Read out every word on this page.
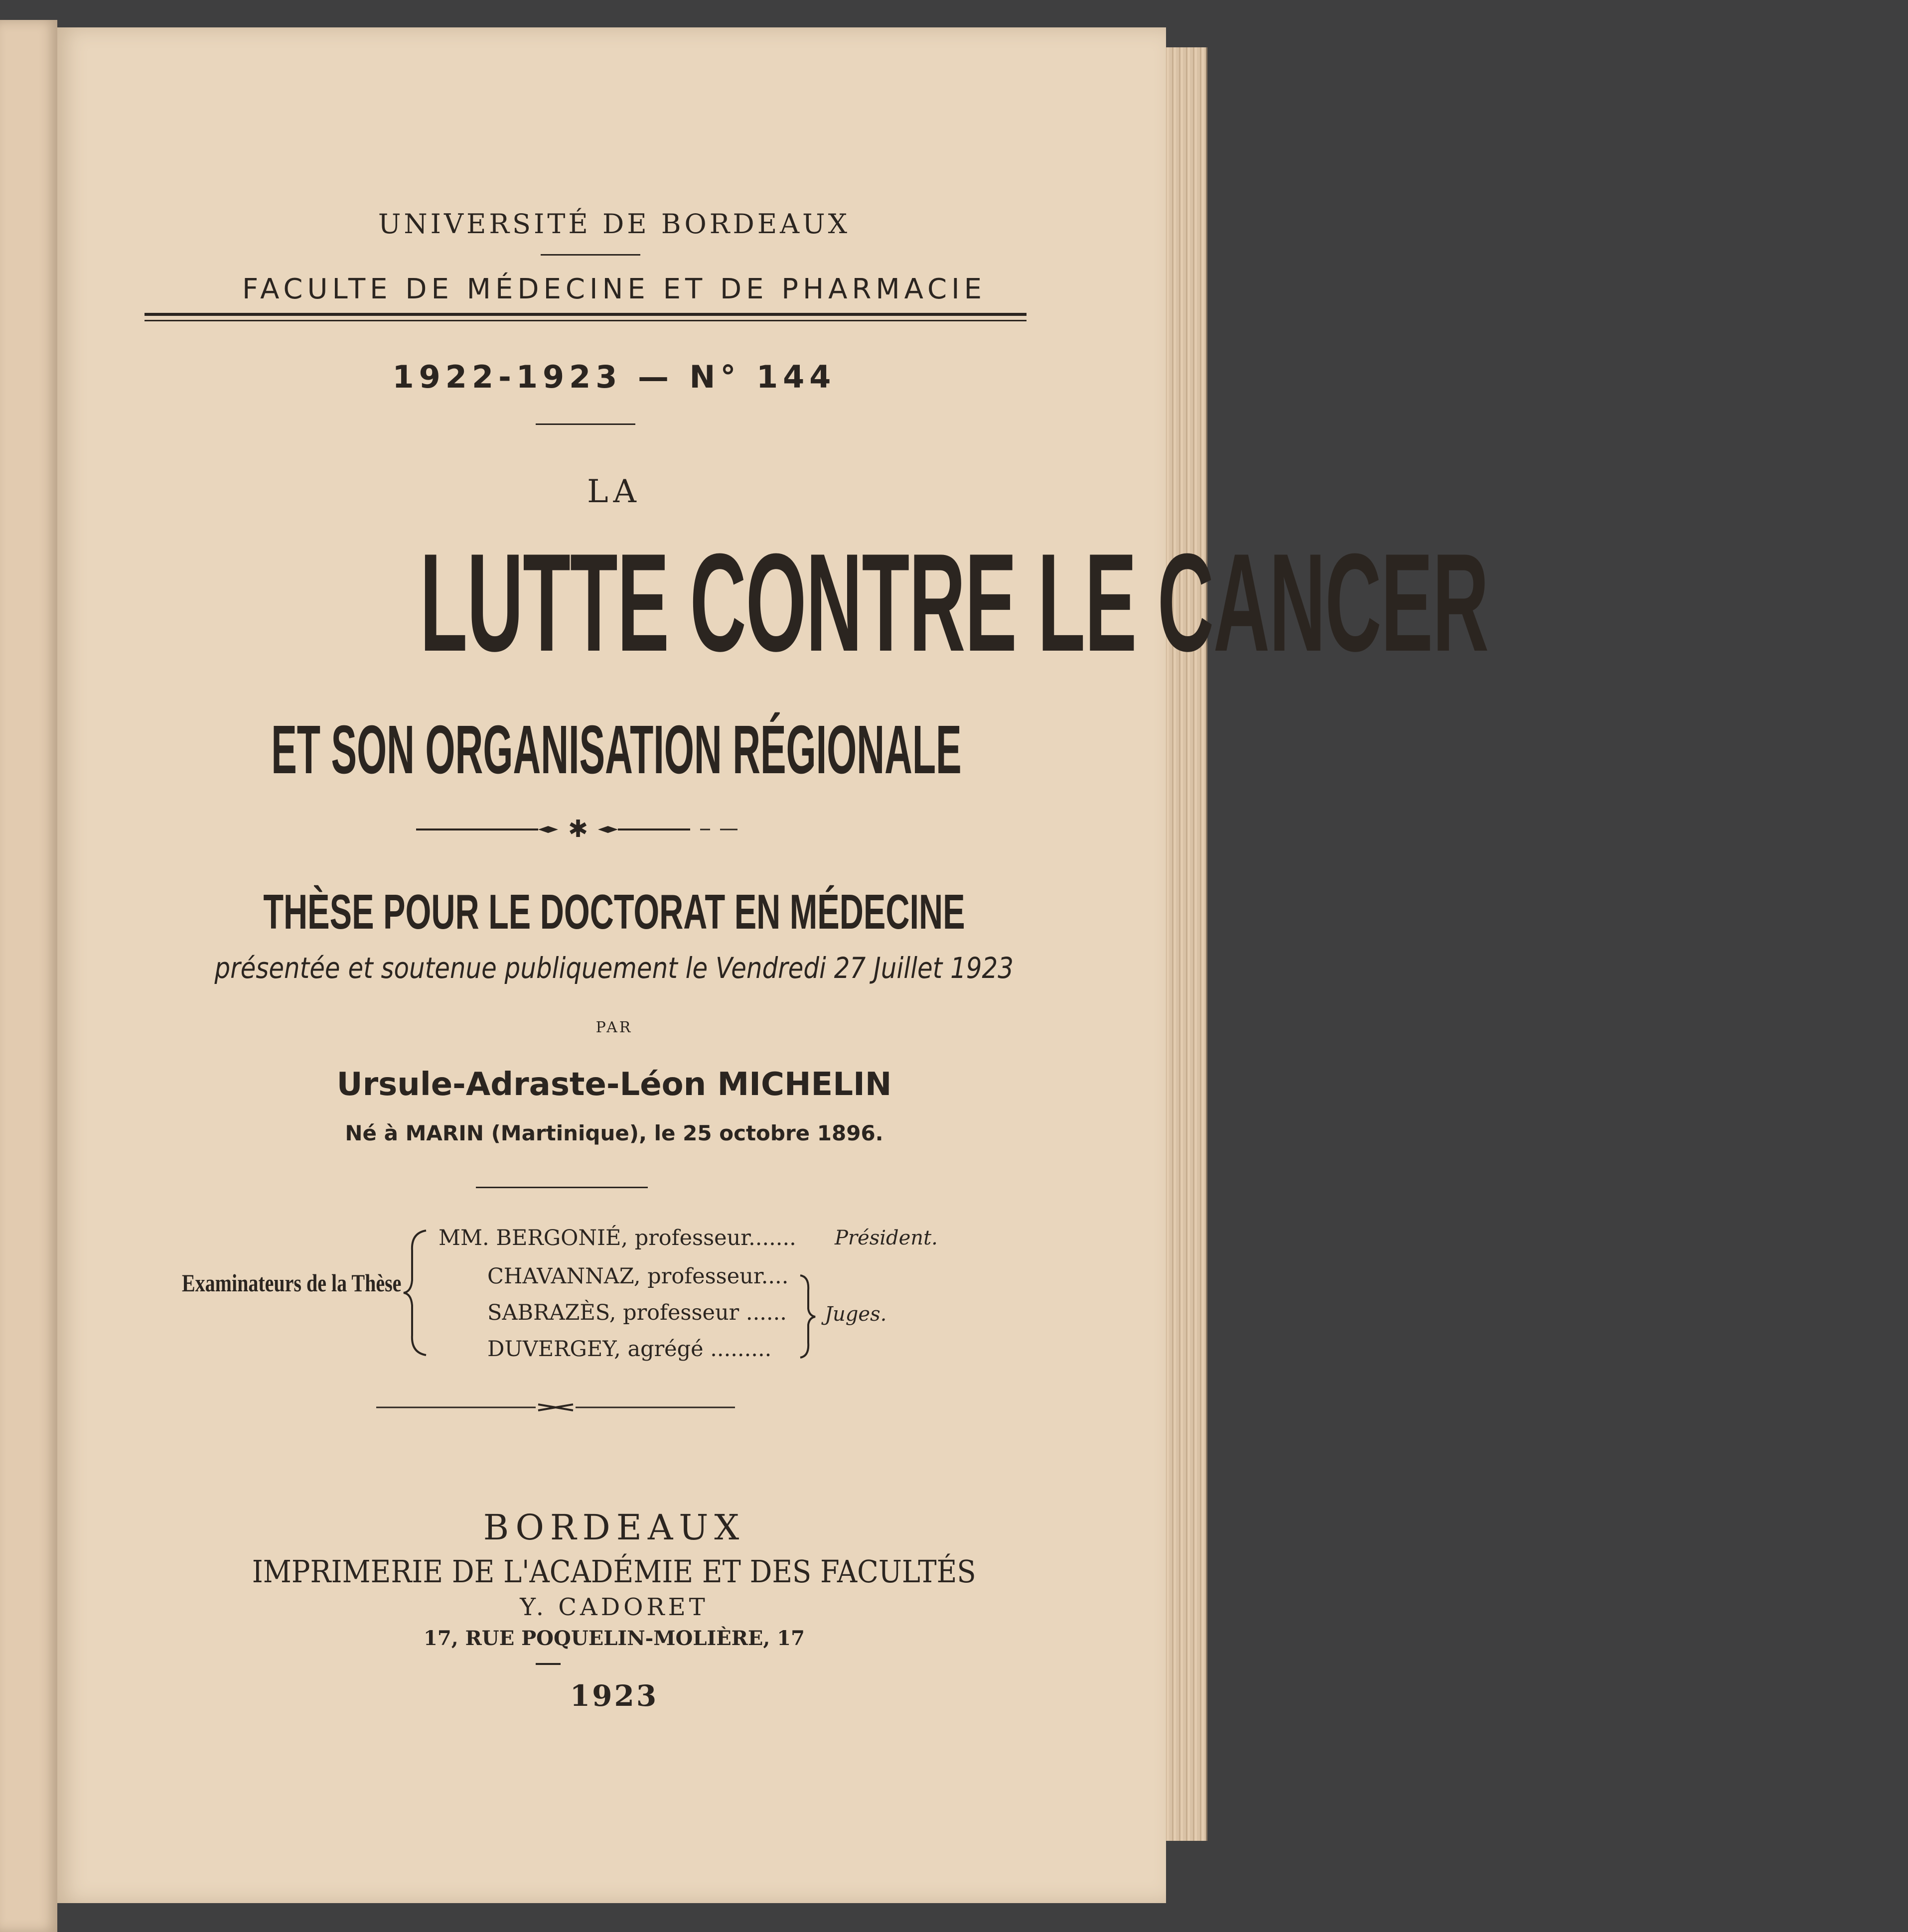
UNIVERSITÉ DE BORDEAUX
FACULTE DE MÉDECINE ET DE PHARMACIE
1922-1923 — N° 144
LA
LUTTE CONTRE LE CANCER
ET SON ORGANISATION RÉGIONALE
✱
THÈSE POUR LE DOCTORAT EN MÉDECINE
présentée et soutenue publiquement le Vendredi 27 Juillet 1923
PAR
Ursule-Adraste-Léon MICHELIN
Né à MARIN (Martinique), le 25 octobre 1896.
Examinateurs de la Thèse
MM. BERGONIÉ, professeur.......
CHAVANNAZ, professeur....
SABRAZÈS, professeur ......
DUVERGEY, agrégé .........
Président.
Juges.
BORDEAUX
IMPRIMERIE DE L'ACADÉMIE ET DES FACULTÉS
Y. CADORET
17, RUE POQUELIN-MOLIÈRE, 17
1923
